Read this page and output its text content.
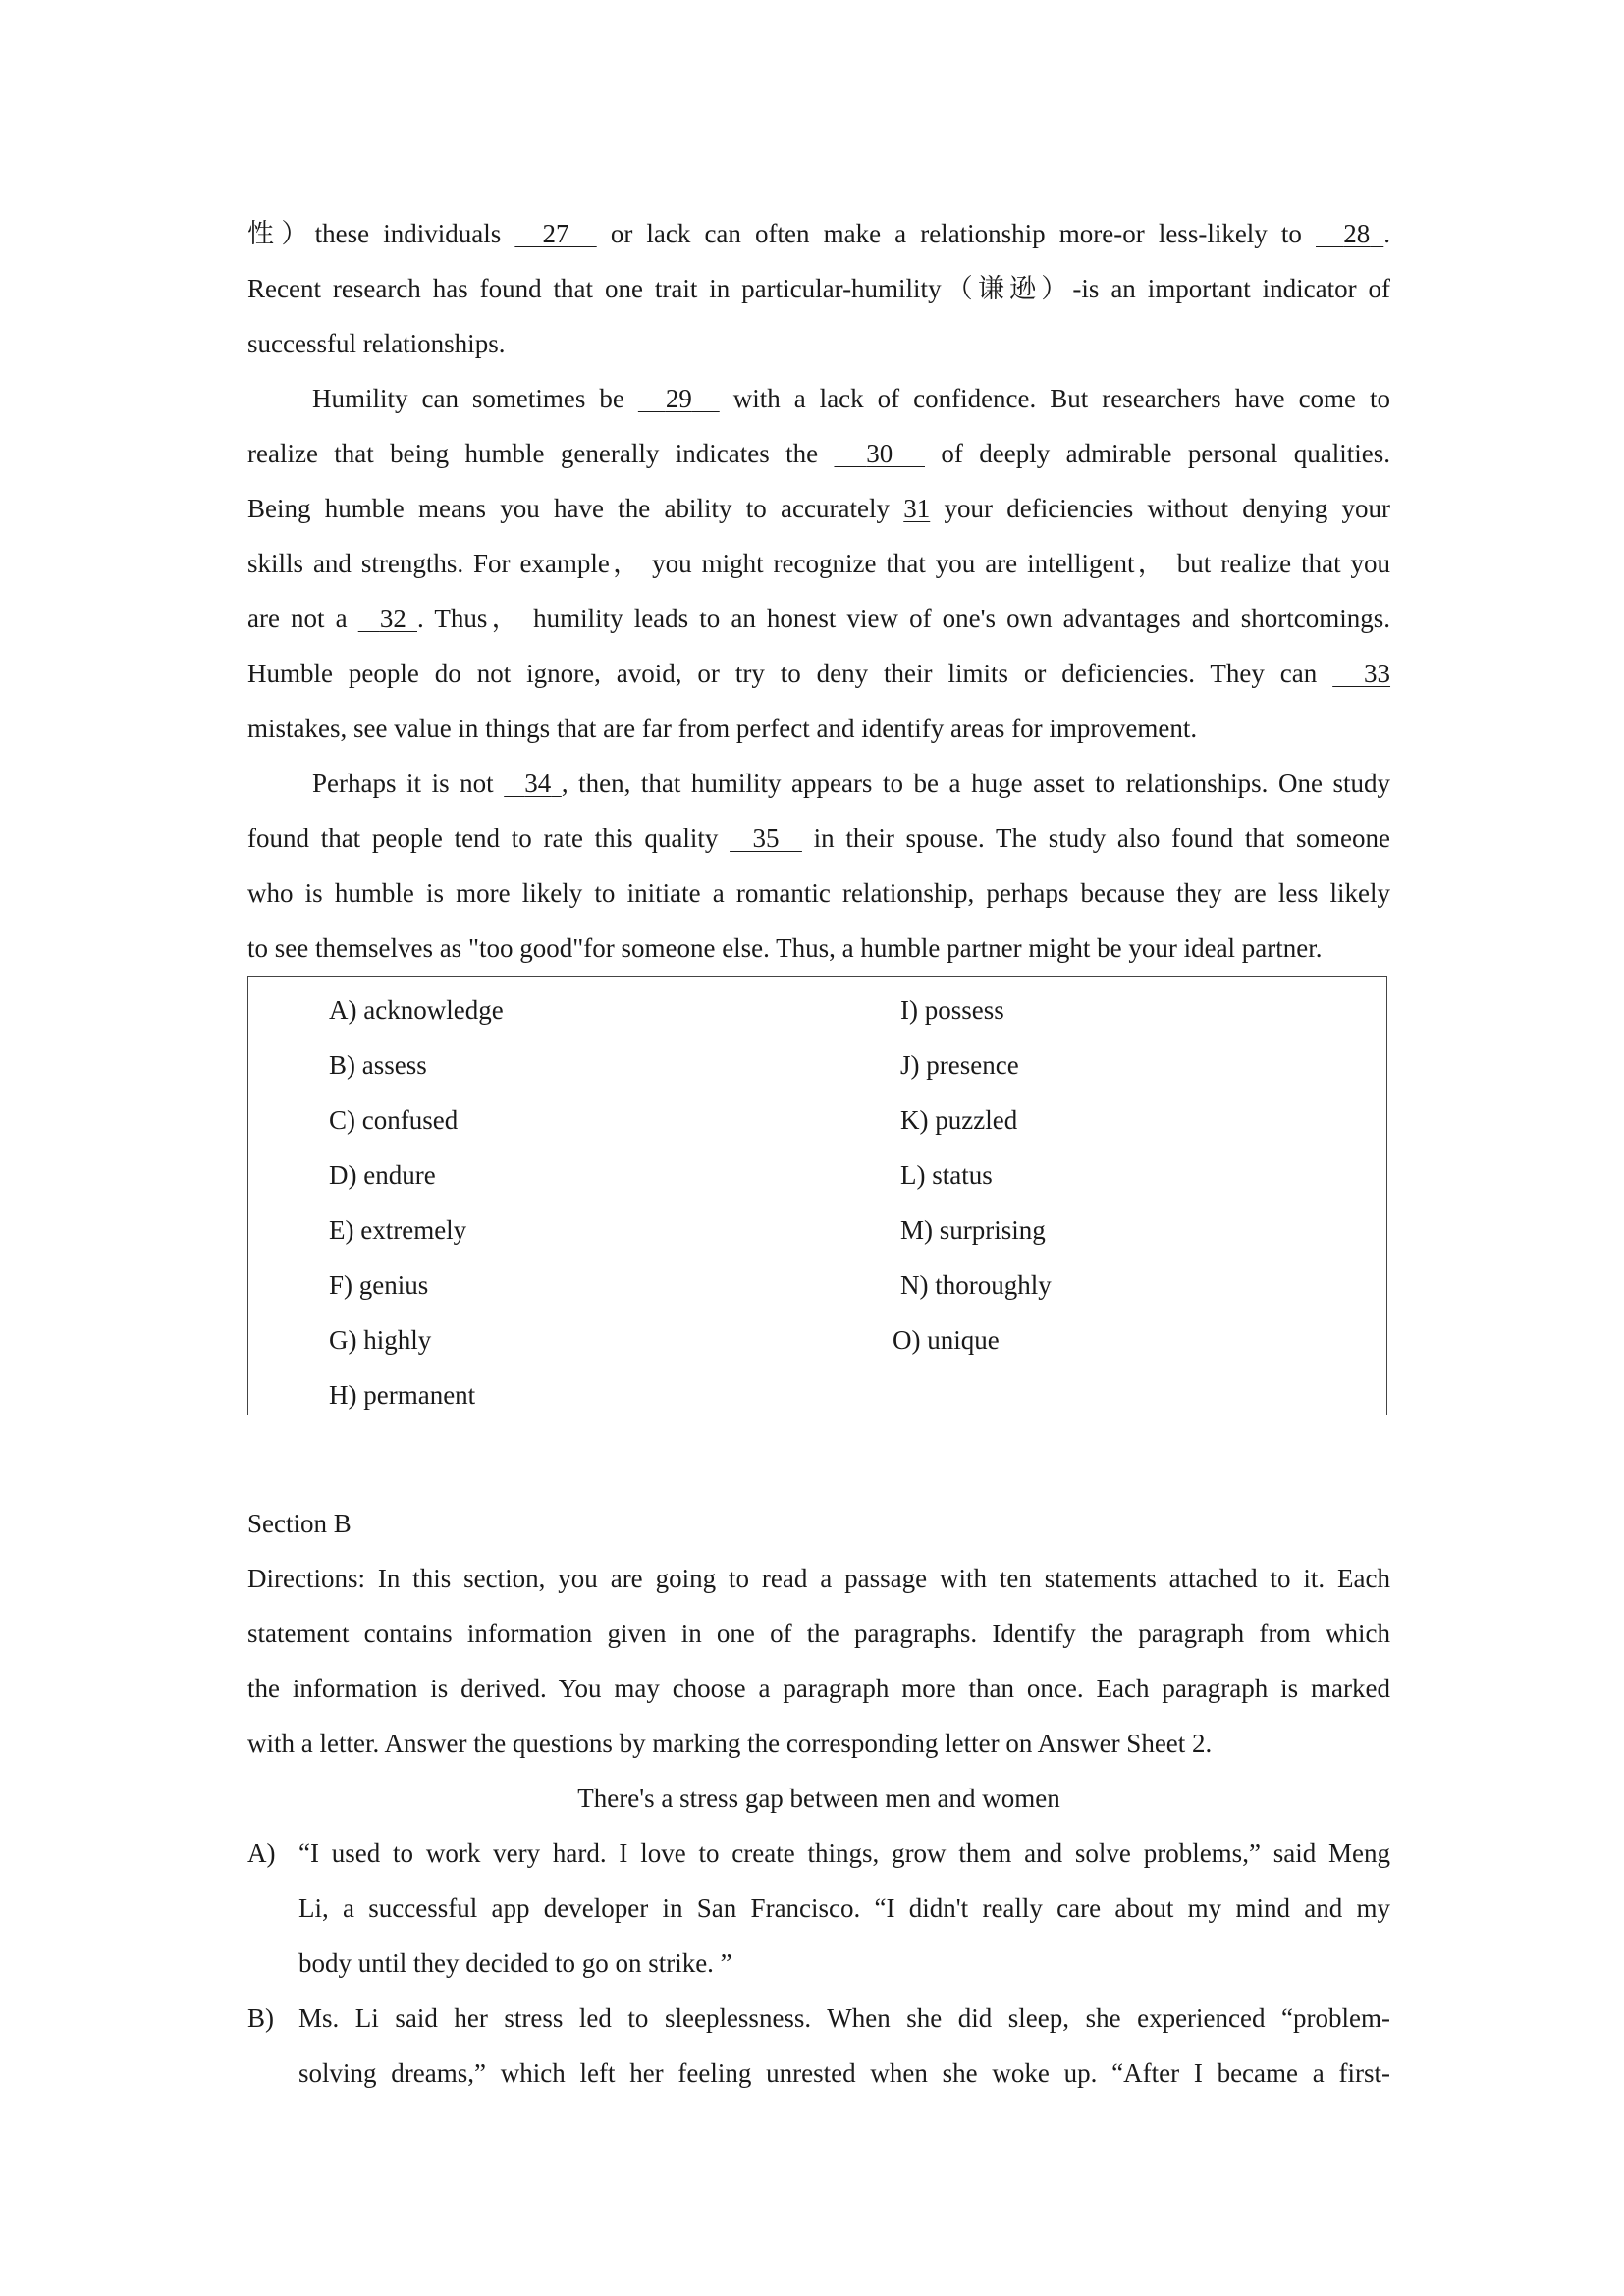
性）these individuals   27   or lack can often make a relationship more-or less-likely to   28 .
Recent research has found that one trait in particular-humility（谦逊）-is an important indicator of
successful relationships.
Humility can sometimes be   29   with a lack of confidence. But researchers have come to
realize that being humble generally indicates the   30   of deeply admirable personal qualities.
Being humble means you have the ability to accurately 31 your deficiencies without denying your
skills and strengths. For example， you might recognize that you are intelligent， but realize that you
are not a   32 . Thus， humility leads to an honest view of one's own advantages and shortcomings.
Humble people do not ignore, avoid, or try to deny their limits or deficiencies. They can   33
mistakes, see value in things that are far from perfect and identify areas for improvement.
Perhaps it is not   34 , then, that humility appears to be a huge asset to relationships. One study
found that people tend to rate this quality   35   in their spouse. The study also found that someone
who is humble is more likely to initiate a romantic relationship, perhaps because they are less likely
to see themselves as "too good"for someone else. Thus, a humble partner might be your ideal partner.
A) acknowledge
B) assess
C) confused
D) endure
E) extremely
F) genius
G) highly
H) permanent
I) possess
J) presence
K) puzzled
L) status
M) surprising
N) thoroughly
O) unique
Section B
Directions: In this section, you are going to read a passage with ten statements attached to it. Each
statement contains information given in one of the paragraphs. Identify the paragraph from which
the information is derived. You may choose a paragraph more than once. Each paragraph is marked
with a letter. Answer the questions by marking the corresponding letter on Answer Sheet 2.
There's a stress gap between men and women
A) “I used to work very hard. I love to create things, grow them and solve problems,” said Meng
Li, a successful app developer in San Francisco. “I didn't really care about my mind and my
body until they decided to go on strike. ”
B) Ms. Li said her stress led to sleeplessness. When she did sleep, she experienced “problem-
solving dreams,” which left her feeling unrested when she woke up. “After I became a first-
